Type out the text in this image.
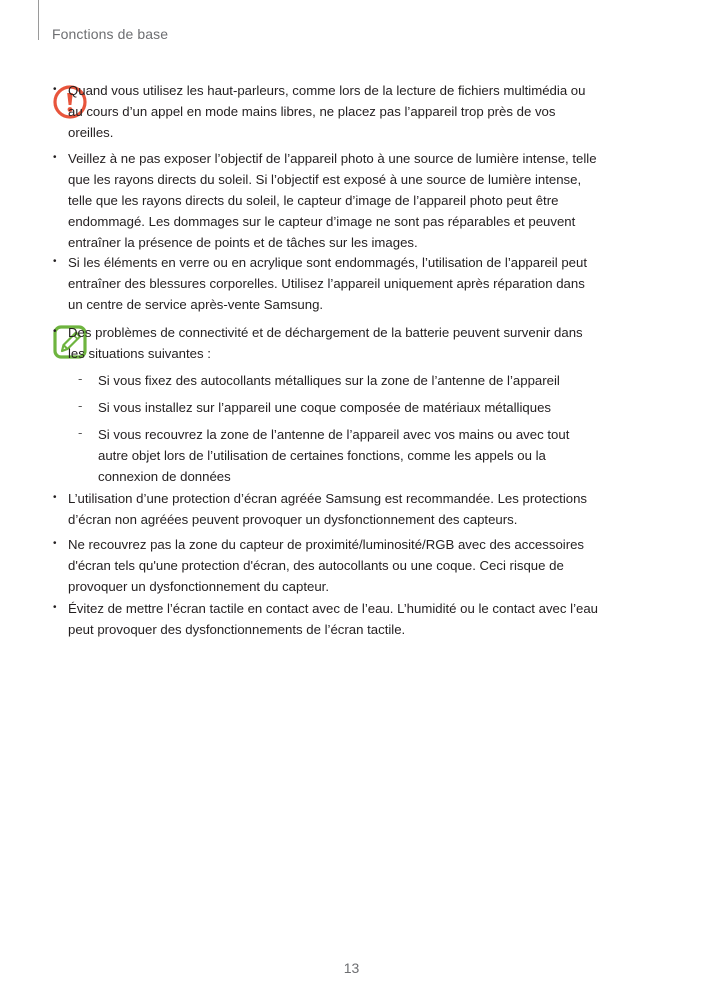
Fonctions de base
• Quand vous utilisez les haut-parleurs, comme lors de la lecture de fichiers multimédia ou au cours d’un appel en mode mains libres, ne placez pas l’appareil trop près de vos oreilles.
• Veillez à ne pas exposer l’objectif de l’appareil photo à une source de lumière intense, telle que les rayons directs du soleil. Si l’objectif est exposé à une source de lumière intense, telle que les rayons directs du soleil, le capteur d’image de l’appareil photo peut être endommagé. Les dommages sur le capteur d’image ne sont pas réparables et peuvent entraîner la présence de points et de tâches sur les images.
• Si les éléments en verre ou en acrylique sont endommagés, l’utilisation de l’appareil peut entraîner des blessures corporelles. Utilisez l’appareil uniquement après réparation dans un centre de service après-vente Samsung.
• Des problèmes de connectivité et de déchargement de la batterie peuvent survenir dans les situations suivantes :
- Si vous fixez des autocollants métalliques sur la zone de l’antenne de l’appareil
- Si vous installez sur l’appareil une coque composée de matériaux métalliques
- Si vous recouvrez la zone de l’antenne de l’appareil avec vos mains ou avec tout autre objet lors de l’utilisation de certaines fonctions, comme les appels ou la connexion de données
• L’utilisation d’une protection d’écran agréée Samsung est recommandée. Les protections d’écran non agréées peuvent provoquer un dysfonctionnement des capteurs.
• Ne recouvrez pas la zone du capteur de proximité/luminosité/RGB avec des accessoires d'écran tels qu'une protection d'écran, des autocollants ou une coque. Ceci risque de provoquer un dysfonctionnement du capteur.
• Évitez de mettre l’écran tactile en contact avec de l’eau. L’humidité ou le contact avec l’eau peut provoquer des dysfonctionnements de l’écran tactile.
13
